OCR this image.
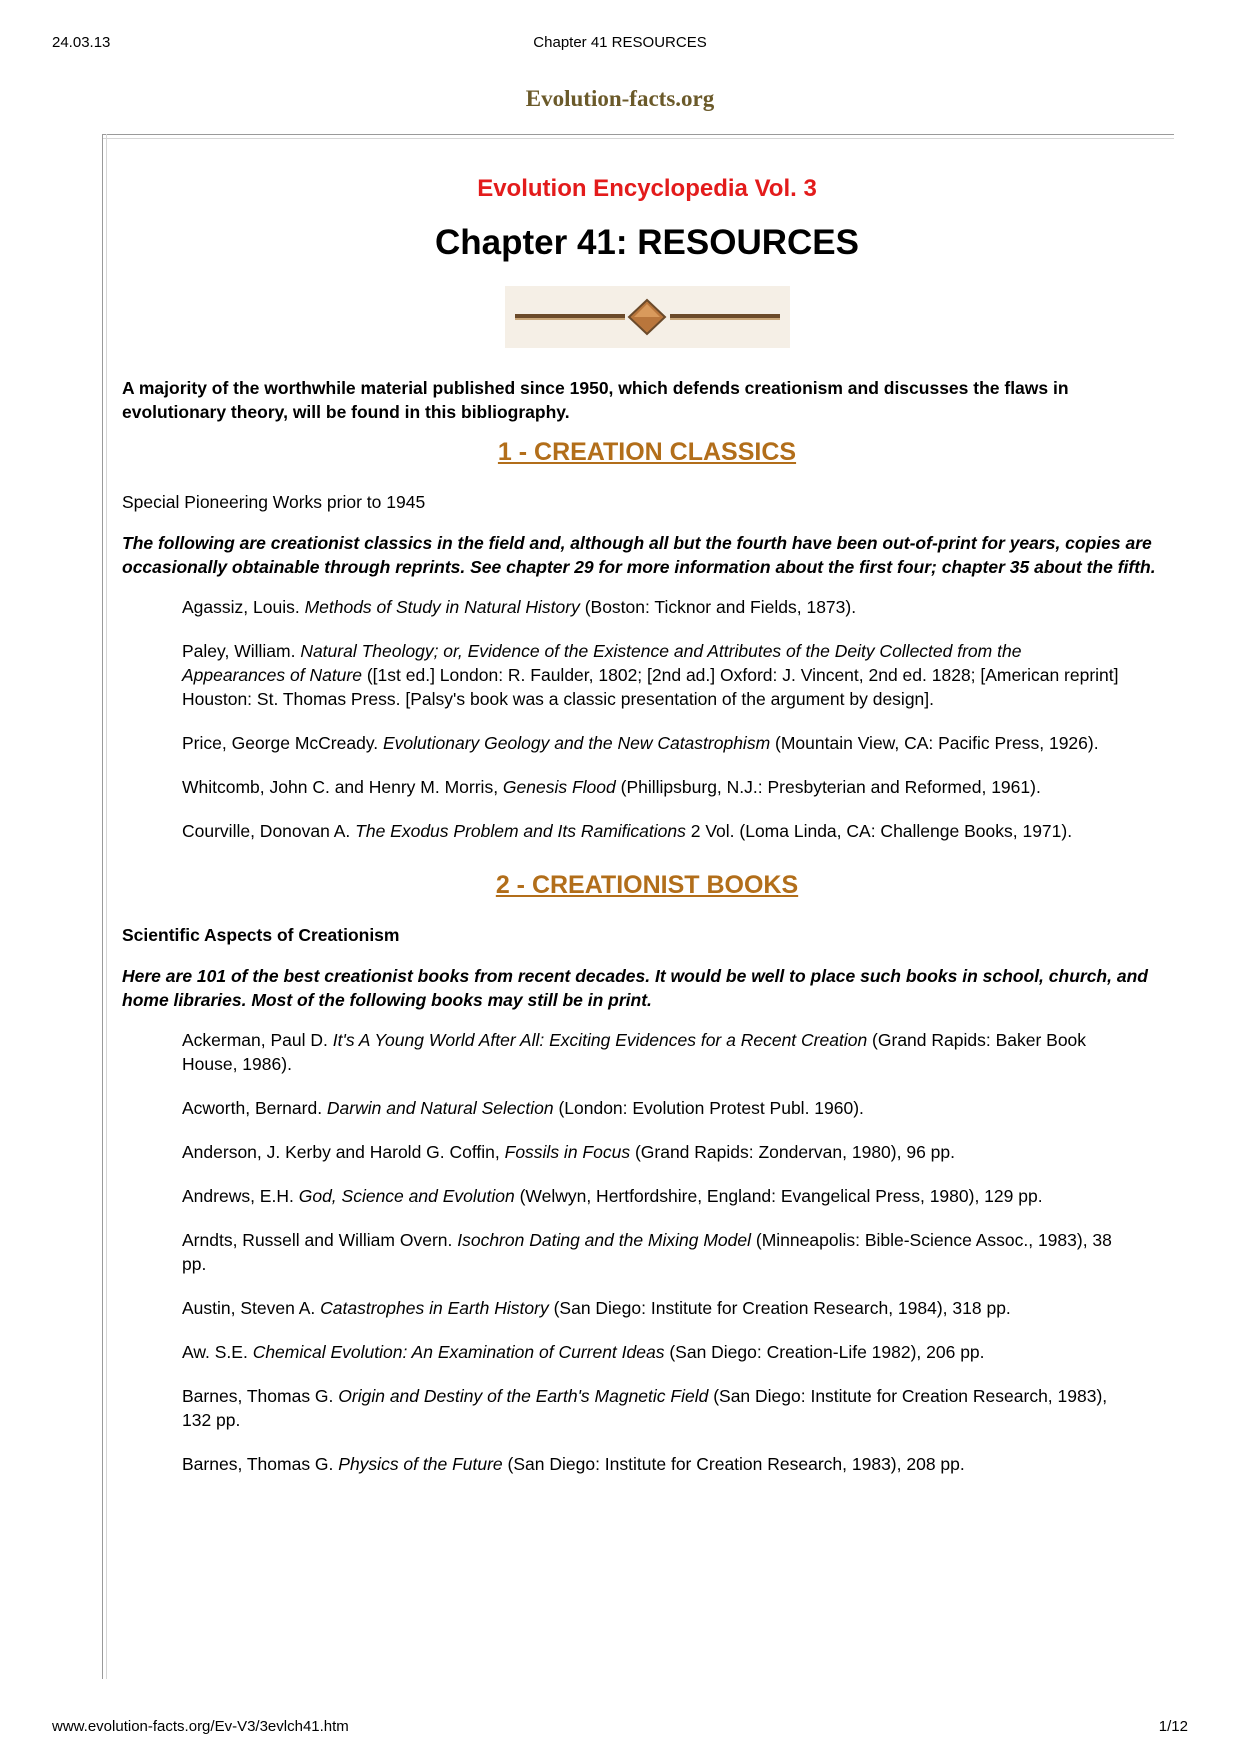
24.03.13	Chapter 41 RESOURCES
Evolution-facts.org
Evolution Encyclopedia Vol. 3
Chapter 41: RESOURCES

A majority of the worthwhile material published since 1950, which defends creationism and discusses the flaws in evolutionary theory, will be found in this bibliography.

1 - CREATION CLASSICS

Special Pioneering Works prior to 1945

The following are creationist classics in the field and, although all but the fourth have been out-of-print for years, copies are occasionally obtainable through reprints. See chapter 29 for more information about the first four; chapter 35 about the fifth.

Agassiz, Louis. Methods of Study in Natural History (Boston: Ticknor and Fields, 1873).
Paley, William. Natural Theology; or, Evidence of the Existence and Attributes of the Deity Collected from the Appearances of Nature ([1st ed.] London: R. Faulder, 1802; [2nd ad.] Oxford: J. Vincent, 2nd ed. 1828; [American reprint] Houston: St. Thomas Press. [Palsy's book was a classic presentation of the argument by design].
Price, George McCready. Evolutionary Geology and the New Catastrophism (Mountain View, CA: Pacific Press, 1926).
Whitcomb, John C. and Henry M. Morris, Genesis Flood (Phillipsburg, N.J.: Presbyterian and Reformed, 1961).
Courville, Donovan A. The Exodus Problem and Its Ramifications 2 Vol. (Loma Linda, CA: Challenge Books, 1971).
2 - CREATIONIST BOOKS

Scientific Aspects of Creationism

Here are 101 of the best creationist books from recent decades. It would be well to place such books in school, church, and home libraries. Most of the following books may still be in print.

Ackerman, Paul D. It's A Young World After All: Exciting Evidences for a Recent Creation (Grand Rapids: Baker Book House, 1986).
Acworth, Bernard. Darwin and Natural Selection (London: Evolution Protest Publ. 1960).
Anderson, J. Kerby and Harold G. Coffin, Fossils in Focus (Grand Rapids: Zondervan, 1980), 96 pp.
Andrews, E.H. God, Science and Evolution (Welwyn, Hertfordshire, England: Evangelical Press, 1980), 129 pp.
Arndts, Russell and William Overn. Isochron Dating and the Mixing Model (Minneapolis: Bible-Science Assoc., 1983), 38 pp.
Austin, Steven A. Catastrophes in Earth History (San Diego: Institute for Creation Research, 1984), 318 pp.
Aw. S.E. Chemical Evolution: An Examination of Current Ideas (San Diego: Creation-Life 1982), 206 pp.
Barnes, Thomas G. Origin and Destiny of the Earth's Magnetic Field (San Diego: Institute for Creation Research, 1983), 132 pp.
Barnes, Thomas G. Physics of the Future (San Diego: Institute for Creation Research, 1983), 208 pp.
www.evolution-facts.org/Ev-V3/3evlch41.htm	1/12
